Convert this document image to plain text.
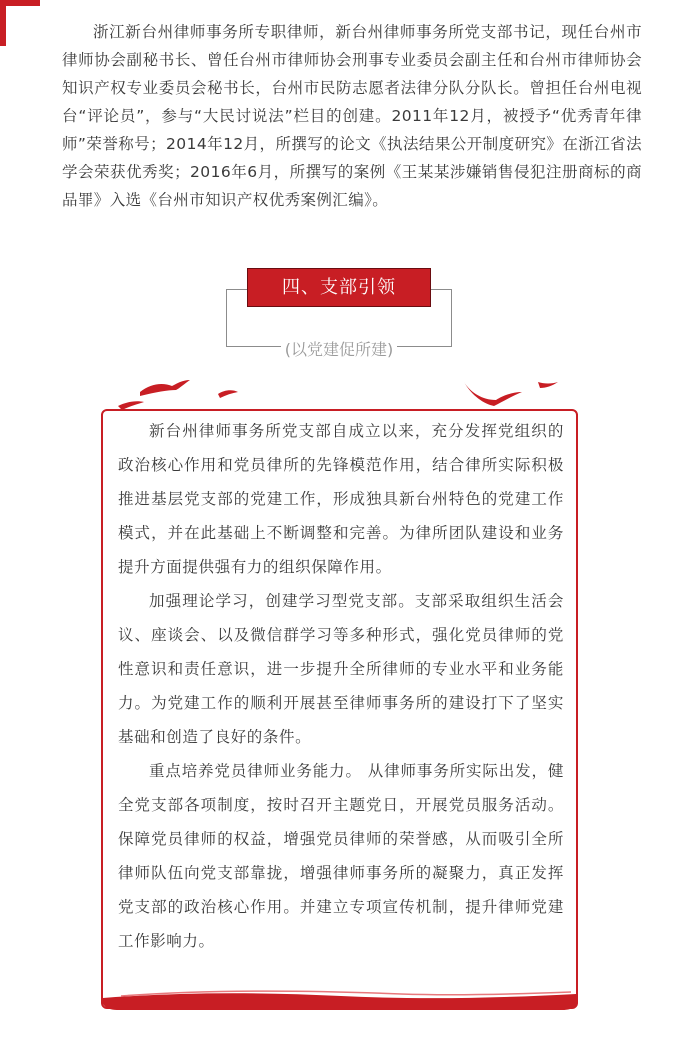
浙江新台州律师事务所专职律师，新台州律师事务所党支部书记，现任台州市律师协会副秘书长、曾任台州市律师协会刑事专业委员会副主任和台州市律师协会知识产权专业委员会秘书长，台州市民防志愿者法律分队分队长。曾担任台州电视台“评论员”，参与“大民讨说法”栏目的创建。2011年12月，被授予“优秀青年律师”荣誉称号；2014年12月，所撰写的论文《执法结果公开制度研究》在浙江省法学会荣获优秀奖；2016年6月，所撰写的案例《王某某涉嫌销售侵犯注册商标的商品罪》入选《台州市知识产权优秀案例汇编》。

四、支部引领
(以党建促所建)

新台州律师事务所党支部自成立以来，充分发挥党组织的政治核心作用和党员律所的先锋模范作用，结合律所实际积极推进基层党支部的党建工作，形成独具新台州特色的党建工作模式，并在此基础上不断调整和完善。为律所团队建设和业务提升方面提供强有力的组织保障作用。

加强理论学习，创建学习型党支部。支部采取组织生活会议、座谈会、以及微信群学习等多种形式，强化党员律师的党性意识和责任意识，进一步提升全所律师的专业水平和业务能力。为党建工作的顺利开展甚至律师事务所的建设打下了坚实基础和创造了良好的条件。

重点培养党员律师业务能力。 从律师事务所实际出发，健全党支部各项制度，按时召开主题党日，开展党员服务活动。保障党员律师的权益，增强党员律师的荣誉感，从而吸引全所律师队伍向党支部靠拢，增强律师事务所的凝聚力，真正发挥党支部的政治核心作用。并建立专项宣传机制，提升律师党建工作影响力。
